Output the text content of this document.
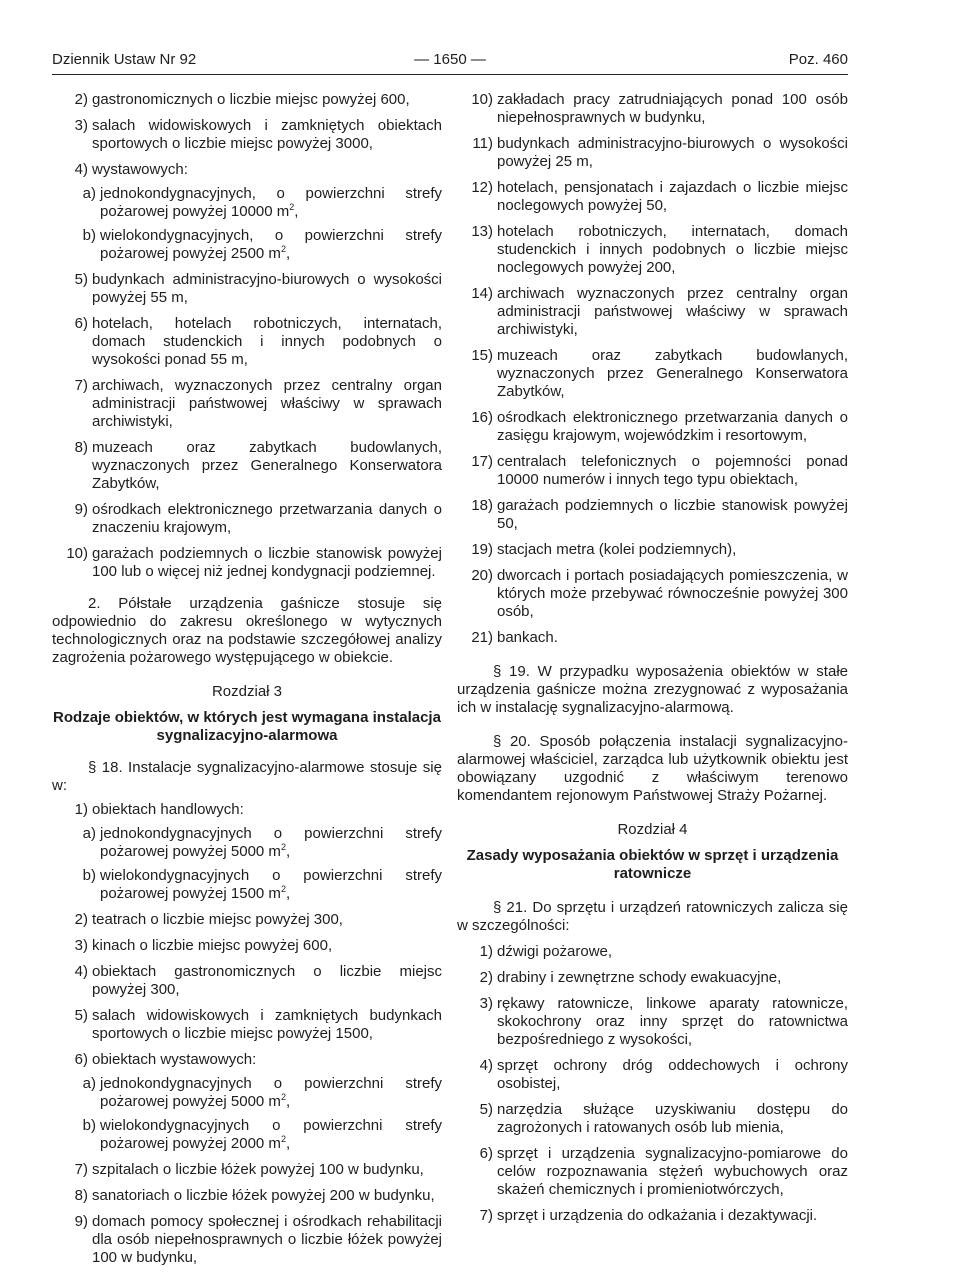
— 1650 —
Dziennik Ustaw Nr 92	Poz. 460
2) gastronomicznych o liczbie miejsc powyżej 600,
3) salach widowiskowych i zamkniętych obiektach sportowych o liczbie miejsc powyżej 3000,
4) wystawowych:
a) jednokondygnacyjnych, o powierzchni strefy pożarowej powyżej 10000 $m^2$,
b) wielokondygnacyjnych, o powierzchni strefy pożarowej powyżej 2500 $m^2$,
5) budynkach administracyjno-biurowych o wysokości powyżej 55 m,
6) hotelach, hotelach robotniczych, internatach, domach studenckich i innych podobnych o wysokości ponad 55 m,
7) archiwach, wyznaczonych przez centralny organ administracji państwowej właściwy w sprawach archiwistyki,
8) muzeach oraz zabytkach budowlanych, wyznaczonych przez Generalnego Konserwatora Zabytków,
9) ośrodkach elektronicznego przetwarzania danych o znaczeniu krajowym,
10) garażach podziemnych o liczbie stanowisk powyżej 100 lub o więcej niż jednej kondygnacji podziemnej.

2. Półstałe urządzenia gaśnicze stosuje się odpowiednio do zakresu określonego w wytycznych technologicznych oraz na podstawie szczegółowej analizy zagrożenia pożarowego występującego w obiekcie.

Rozdział 3
Rodzaje obiektów, w których jest wymagana instalacja sygnalizacyjno-alarmowa

§ 18. Instalacje sygnalizacyjno-alarmowe stosuje się w:

1) obiektach handlowych:
a) jednokondygnacyjnych o powierzchni strefy pożarowej powyżej 5000 $m^2$,
b) wielokondygnacyjnych o powierzchni strefy pożarowej powyżej 1500 $m^2$,
2) teatrach o liczbie miejsc powyżej 300,
3) kinach o liczbie miejsc powyżej 600,
4) obiektach gastronomicznych o liczbie miejsc powyżej 300,
5) salach widowiskowych i zamkniętych budynkach sportowych o liczbie miejsc powyżej 1500,
6) obiektach wystawowych:
a) jednokondygnacyjnych o powierzchni strefy pożarowej powyżej 5000 $m^2$,
b) wielokondygnacyjnych o powierzchni strefy pożarowej powyżej 2000 $m^2$,
7) szpitalach o liczbie łóżek powyżej 100 w budynku,
8) sanatoriach o liczbie łóżek powyżej 200 w budynku,
9) domach pomocy społecznej i ośrodkach rehabilitacji dla osób niepełnosprawnych o liczbie łóżek powyżej 100 w budynku,
10) zakładach pracy zatrudniających ponad 100 osób niepełnosprawnych w budynku,
11) budynkach administracyjno-biurowych o wysokości powyżej 25 m,
12) hotelach, pensjonatach i zajazdach o liczbie miejsc noclegowych powyżej 50,
13) hotelach robotniczych, internatach, domach studenckich i innych podobnych o liczbie miejsc noclegowych powyżej 200,
14) archiwach wyznaczonych przez centralny organ administracji państwowej właściwy w sprawach archiwistyki,
15) muzeach oraz zabytkach budowlanych, wyznaczonych przez Generalnego Konserwatora Zabytków,
16) ośrodkach elektronicznego przetwarzania danych o zasięgu krajowym, wojewódzkim i resortowym,
17) centralach telefonicznych o pojemności ponad 10000 numerów i innych tego typu obiektach,
18) garażach podziemnych o liczbie stanowisk powyżej 50,
19) stacjach metra (kolei podziemnych),
20) dworcach i portach posiadających pomieszczenia, w których może przebywać równocześnie powyżej 300 osób,
21) bankach.

§ 19. W przypadku wyposażenia obiektów w stałe urządzenia gaśnicze można zrezygnować z wyposażania ich w instalację sygnalizacyjno-alarmową.

§ 20. Sposób połączenia instalacji sygnalizacyjno-alarmowej właściciel, zarządca lub użytkownik obiektu jest obowiązany uzgodnić z właściwym terenowo komendantem rejonowym Państwowej Straży Pożarnej.

Rozdział 4
Zasady wyposażania obiektów w sprzęt i urządzenia ratownicze

§ 21. Do sprzętu i urządzeń ratowniczych zalicza się w szczególności:

1) dźwigi pożarowe,
2) drabiny i zewnętrzne schody ewakuacyjne,
3) rękawy ratownicze, linkowe aparaty ratownicze, skokochrony oraz inny sprzęt do ratownictwa bezpośredniego z wysokości,
4) sprzęt ochrony dróg oddechowych i ochrony osobistej,
5) narzędzia służące uzyskiwaniu dostępu do zagrożonych i ratowanych osób lub mienia,
6) sprzęt i urządzenia sygnalizacyjno-pomiarowe do celów rozpoznawania stężeń wybuchowych oraz skażeń chemicznych i promieniotwórczych,
7) sprzęt i urządzenia do odkażania i dezaktywacji.
